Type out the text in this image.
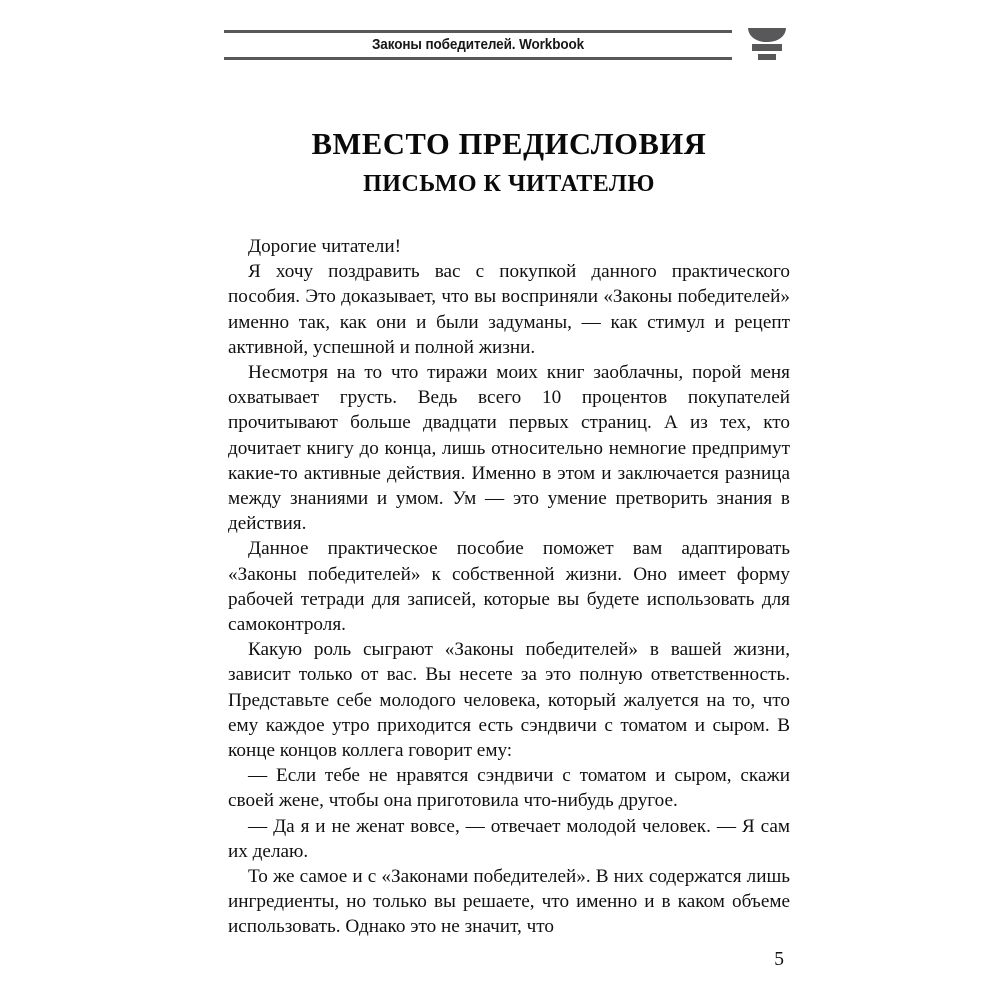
Законы победителей. Workbook
ВМЕСТО ПРЕДИСЛОВИЯ
ПИСЬМО К ЧИТАТЕЛЮ

Дорогие читатели!

Я хочу поздравить вас с покупкой данного практического пособия. Это доказывает, что вы восприняли «Законы победителей» именно так, как они и были задуманы, — как стимул и рецепт активной, успешной и полной жизни.

Несмотря на то что тиражи моих книг заоблачны, порой меня охватывает грусть. Ведь всего 10 процентов покупателей прочитывают больше двадцати первых страниц. А из тех, кто дочитает книгу до конца, лишь относительно немногие предпримут какие-то активные действия. Именно в этом и заключается разница между знаниями и умом. Ум — это умение претворить знания в действия.

Данное практическое пособие поможет вам адаптировать «Законы победителей» к собственной жизни. Оно имеет форму рабочей тетради для записей, которые вы будете использовать для самоконтроля.

Какую роль сыграют «Законы победителей» в вашей жизни, зависит только от вас. Вы несете за это полную ответственность. Представьте себе молодого человека, который жалуется на то, что ему каждое утро приходится есть сэндвичи с томатом и сыром. В конце концов коллега говорит ему:

— Если тебе не нравятся сэндвичи с томатом и сыром, скажи своей жене, чтобы она приготовила что-нибудь другое.

— Да я и не женат вовсе, — отвечает молодой человек. — Я сам их делаю.

То же самое и с «Законами победителей». В них содержатся лишь ингредиенты, но только вы решаете, что именно и в каком объеме использовать. Однако это не значит, что

5
